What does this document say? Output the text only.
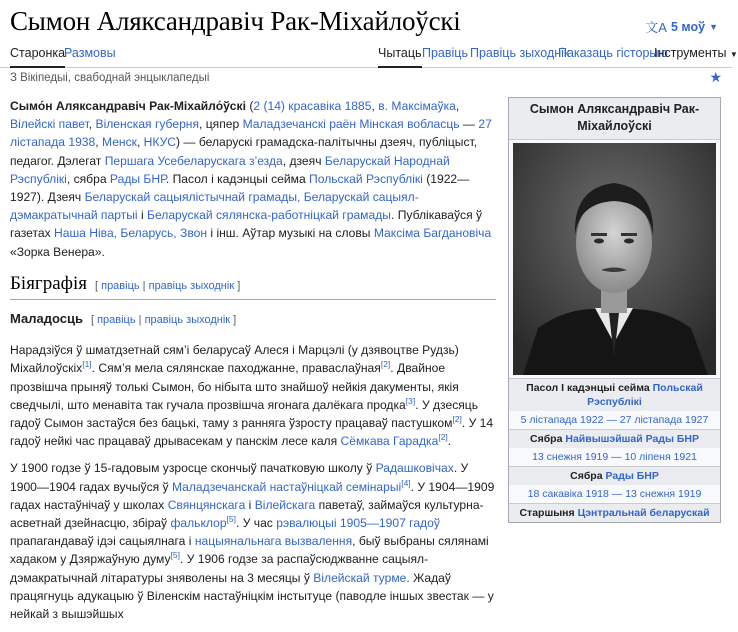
Сымон Аляксандравіч Рак-Міхайлоўскі	文A 5 моў ▼
Старонка
Размовы	Чытаць Правіць Правіць зыходнік
Паказаць гісторыю
Інструменты ▼
З Вікіпедыі, свабоднай энцыклапедыі	★

Сымо́н Аляксандравіч Рак-Міхайло́ўскі (2 (14) красавіка 1885, в. Максімаўка, Вілейскі павет, Віленская губерня, цяпер Маладзечанскі раён Мінская вобласць — 27 лістапада 1938, Менск, НКУС) — беларускі грамадска-палітычны дзеяч, публіцыст, педагог. Дэлегат Першага Усебеларускага з’езда, дзеяч Беларускай Народнай Рэспублікі, сябра Рады БНР. Пасол і кадэнцыі сейма Польскай Рэспублікі (1922—1927). Дзеяч Беларускай сацыялістычнай грамады, Беларускай сацыял-дэмакратычнай партыі і Беларускай сялянска-работніцкай грамады. Публікаваўся ў газетах Наша Ніва, Беларусь, Звон і інш. Аўтар музыкі на словы Максіма Багдановіча «Зорка Венера».

Біяграфія [ правіць | правіць зыходнік ]
Маладосць [ правіць | правіць зыходнік ]

Нарадзіўся ў шматдзетнай сям’і беларусаў Алеся і Марцэлі (у дзявоцтве Рудзь) Міхайлоўскіх[1]. Сям’я мела сялянскае паходжанне, праваслаўная[2]. Двайное прозвішча прыняў толькі Сымон, бо нібыта што знайшоў нейкія дакументы, якія сведчылі, што менавіта так гучала прозвішча ягонага далёкага продка[3]. У дзесяць гадоў Сымон застаўся без бацькі, таму з ранняга ўзросту працаваў пастушком[2]. У 14 гадоў нейкі час працаваў дрываcекам у панскім лесе каля Сёмкава Гарадка[2].

У 1900 годзе ў 15-гадовым узросце скончыў пачатковую школу ў Радашковічах. У 1900—1904 гадах вучыўся ў Маладзечанскай настаўніцкай семінарыі[4]. У 1904—1909 гадах настаўнічаў у школах Свянцянскага і Вілейскага паветаў, займаўся культурна-асветнай дзейнасцю, збіраў фальклор[5]. У час рэвалюцыі 1905—1907 гадоў прапагандаваў ідэі сацыялнага і нацыянальнага вызвалення, быў выбраны сялянамі хадаком у Дзяржаўную думу[5]. У 1906 годзе за распаўсюджванне сацыял-дэмакратычнай літаратуры зняволены на 3 месяцы ў Вілейскай турме. Жадаў працягнуць адукацыю ў Віленскім настаўніцкім інстытуце (паводле іншых звестак — у нейкай з вышэйшых

Сымон Аляксандравіч Рак-Міхайлоўскі
Пасол I кадэнцыі сейма Польскай Рэспублікі
5 лістапада 1922 — 27 лістапада 1927
Сябра Найвышэйшай Рады БНР
13 снежня 1919 — 10 ліпеня 1921
Сябра Рады БНР
18 сакавіка 1918 — 13 снежня 1919
Старшыня Цэнтральнай беларускай
